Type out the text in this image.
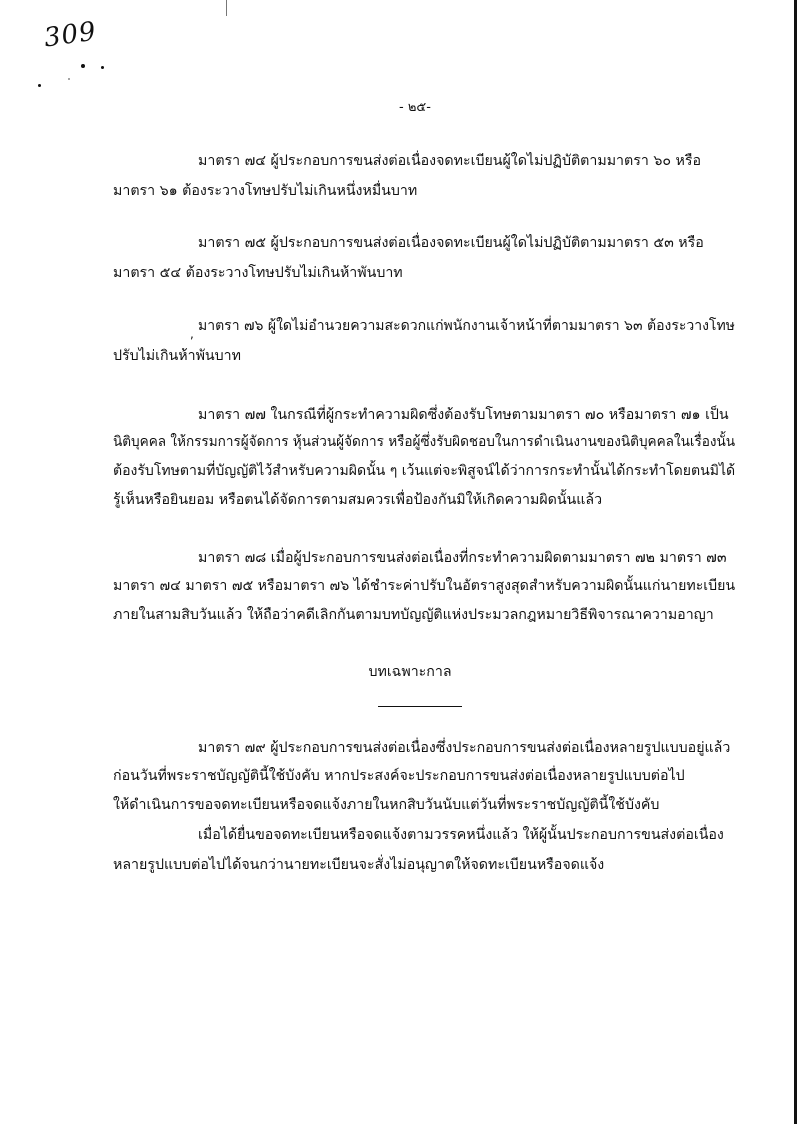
309
- ๒๕-
มาตรา ๗๔ ผู้ประกอบการขนส่งต่อเนื่องจดทะเบียนผู้ใดไม่ปฏิบัติตามมาตรา ๖๐ หรือ
มาตรา ๖๑ ต้องระวางโทษปรับไม่เกินหนึ่งหมื่นบาท
มาตรา ๗๕ ผู้ประกอบการขนส่งต่อเนื่องจดทะเบียนผู้ใดไม่ปฏิบัติตามมาตรา ๕๓ หรือ
มาตรา ๕๔ ต้องระวางโทษปรับไม่เกินห้าพันบาท
, มาตรา ๗๖ ผู้ใดไม่อำนวยความสะดวกแก่พนักงานเจ้าหน้าที่ตามมาตรา ๖๓ ต้องระวางโทษ
ปรับไม่เกินห้าพันบาท
มาตรา ๗๗ ในกรณีที่ผู้กระทำความผิดซึ่งต้องรับโทษตามมาตรา ๗๐ หรือมาตรา ๗๑ เป็น
นิติบุคคล ให้กรรมการผู้จัดการ หุ้นส่วนผู้จัดการ หรือผู้ซึ่งรับผิดชอบในการดำเนินงานของนิติบุคคลในเรื่องนั้น
ต้องรับโทษตามที่บัญญัติไว้สำหรับความผิดนั้น ๆ เว้นแต่จะพิสูจน์ได้ว่าการกระทำนั้นได้กระทำโดยตนมิได้
รู้เห็นหรือยินยอม หรือตนได้จัดการตามสมควรเพื่อป้องกันมิให้เกิดความผิดนั้นแล้ว
มาตรา ๗๘ เมื่อผู้ประกอบการขนส่งต่อเนื่องที่กระทำความผิดตามมาตรา ๗๒ มาตรา ๗๓
มาตรา ๗๔ มาตรา ๗๕ หรือมาตรา ๗๖ ได้ชำระค่าปรับในอัตราสูงสุดสำหรับความผิดนั้นแก่นายทะเบียน
ภายในสามสิบวันแล้ว ให้ถือว่าคดีเลิกกันตามบทบัญญัติแห่งประมวลกฎหมายวิธีพิจารณาความอาญา
บทเฉพาะกาล
มาตรา ๗๙ ผู้ประกอบการขนส่งต่อเนื่องซึ่งประกอบการขนส่งต่อเนื่องหลายรูปแบบอยู่แล้ว
ก่อนวันที่พระราชบัญญัตินี้ใช้บังคับ หากประสงค์จะประกอบการขนส่งต่อเนื่องหลายรูปแบบต่อไป
ให้ดำเนินการขอจดทะเบียนหรือจดแจ้งภายในหกสิบวันนับแต่วันที่พระราชบัญญัตินี้ใช้บังคับ
เมื่อได้ยื่นขอจดทะเบียนหรือจดแจ้งตามวรรคหนึ่งแล้ว ให้ผู้นั้นประกอบการขนส่งต่อเนื่อง
หลายรูปแบบต่อไปได้จนกว่านายทะเบียนจะสั่งไม่อนุญาตให้จดทะเบียนหรือจดแจ้ง
